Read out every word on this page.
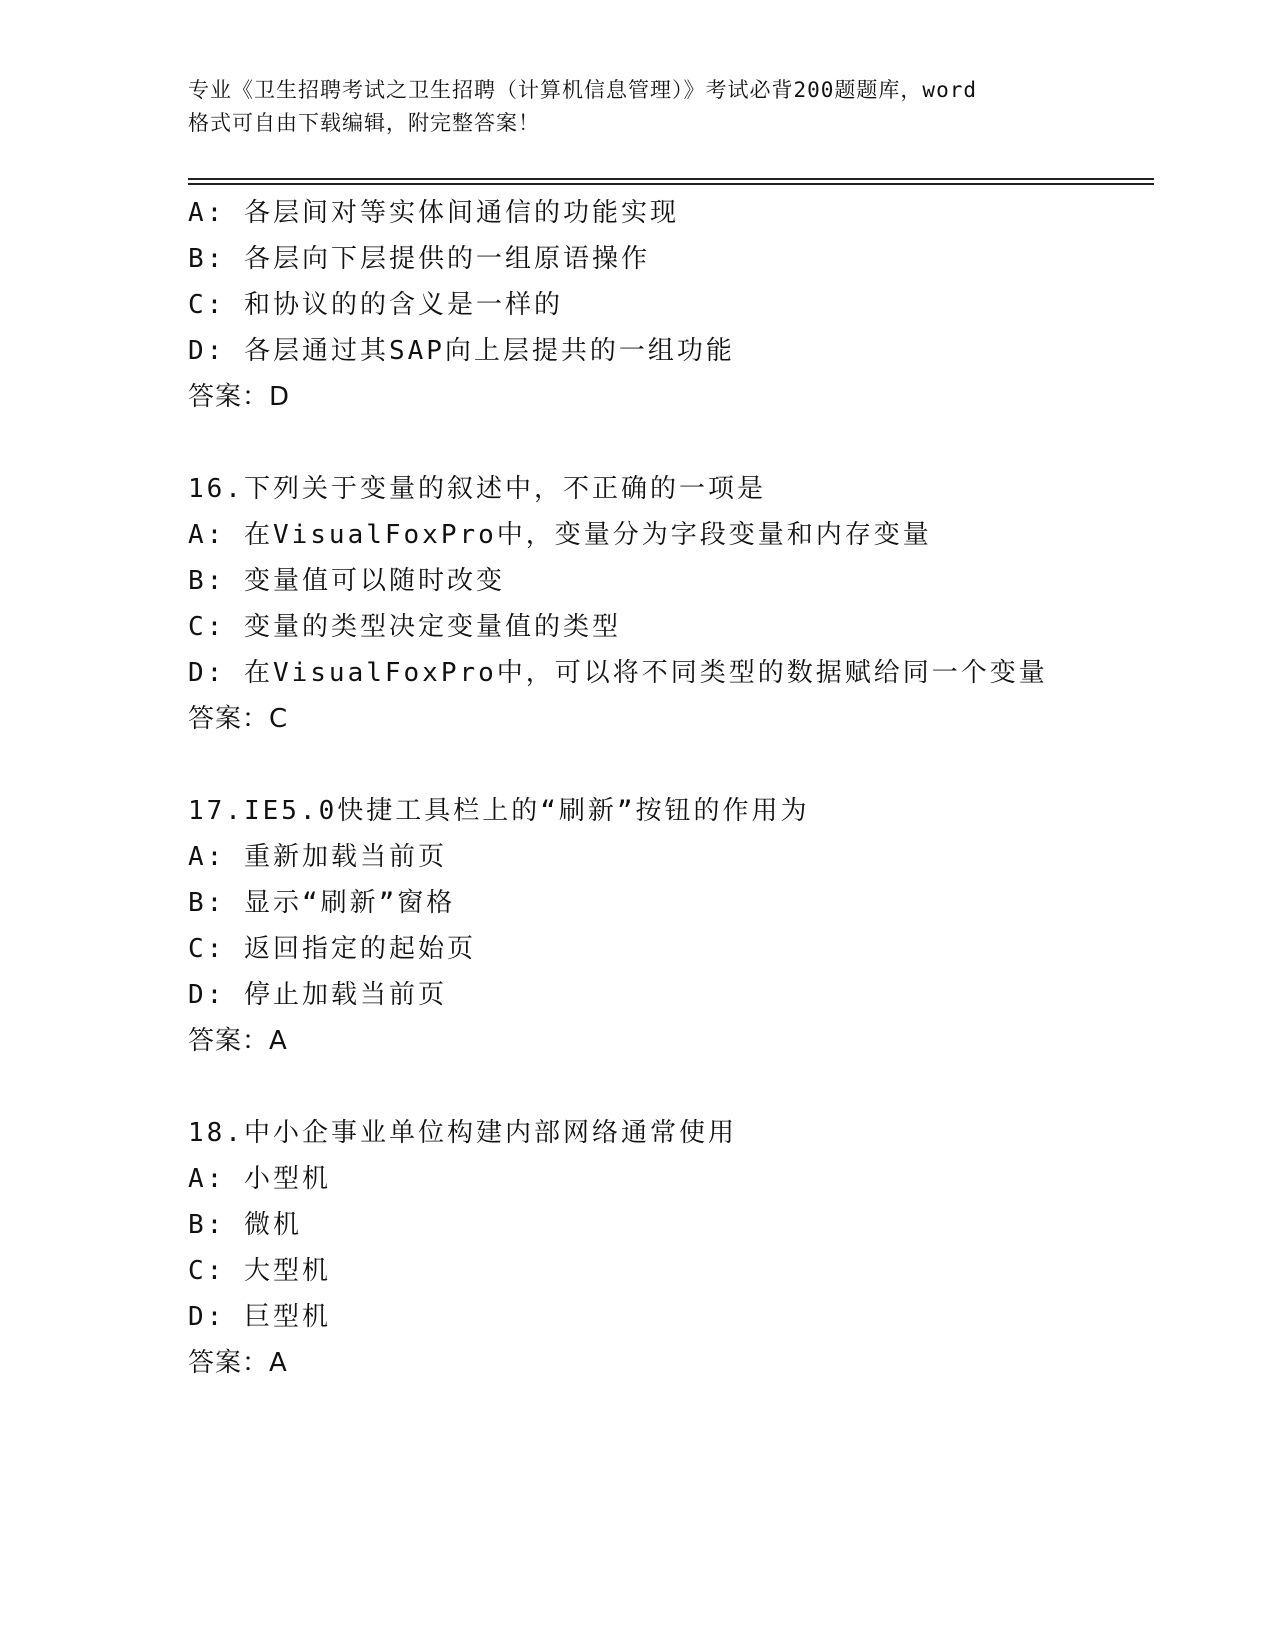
专业《卫生招聘考试之卫生招聘（计算机信息管理）》考试必背200题题库，word
格式可自由下载编辑，附完整答案！
A: 各层间对等实体间通信的功能实现
B: 各层向下层提供的一组原语操作
C: 和协议的的含义是一样的
D: 各层通过其SAP向上层提共的一组功能
答案：D
16.下列关于变量的叙述中，不正确的一项是
A: 在VisualFoxPro中，变量分为字段变量和内存变量
B: 变量值可以随时改变
C: 变量的类型决定变量值的类型
D: 在VisualFoxPro中，可以将不同类型的数据赋给同一个变量
答案：C
17.IE5.0快捷工具栏上的“刷新”按钮的作用为
A: 重新加载当前页
B: 显示“刷新”窗格
C: 返回指定的起始页
D: 停止加载当前页
答案：A
18.中小企事业单位构建内部网络通常使用
A: 小型机
B: 微机
C: 大型机
D: 巨型机
答案：A
